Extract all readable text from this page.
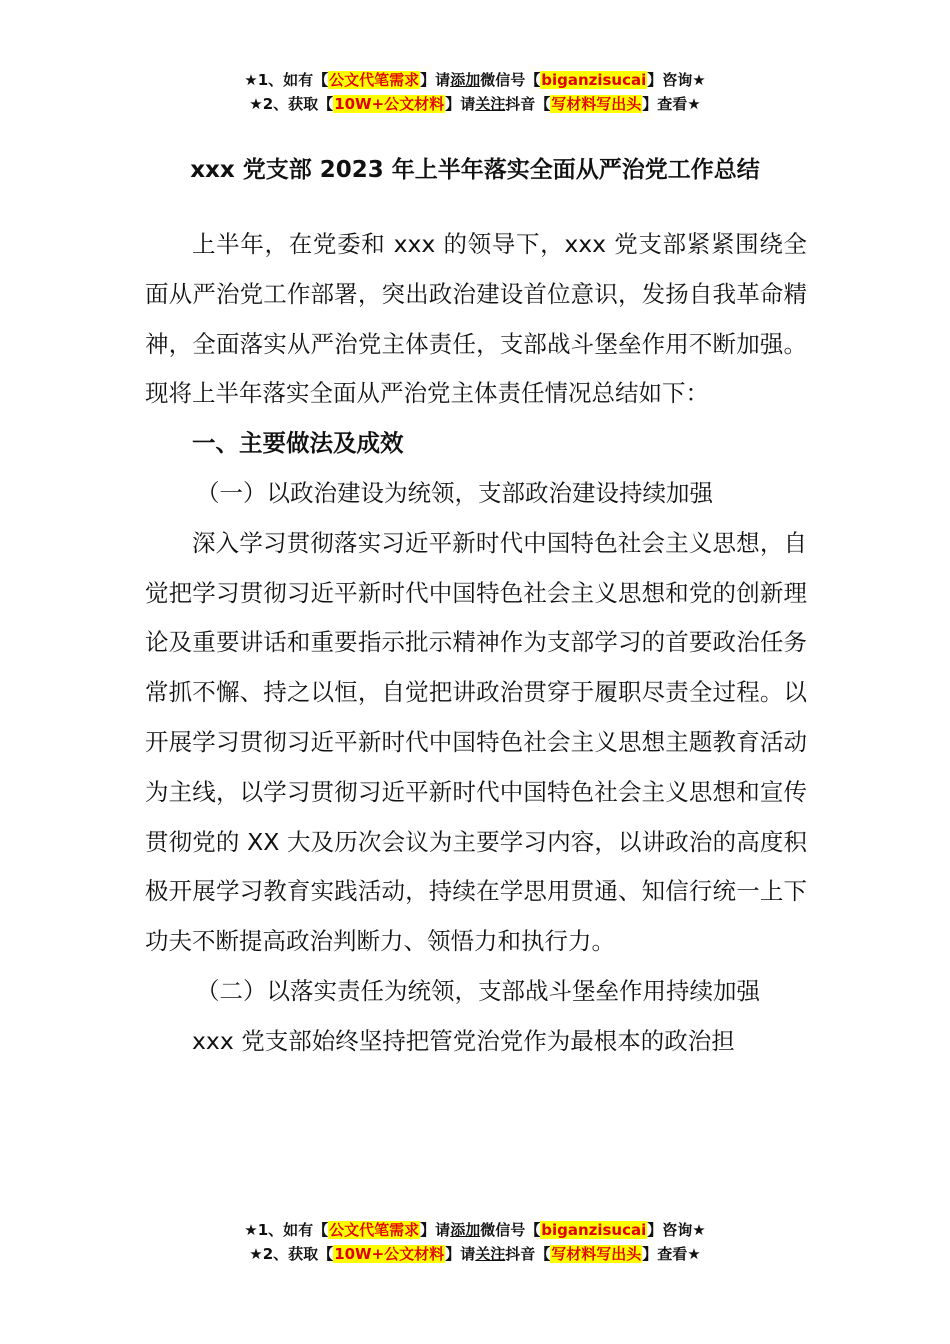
★1、如有【公文代笔需求】请添加微信号【biganzisucai】咨询★
★2、获取【10W+公文材料】请关注抖音【写材料写出头】查看★
xxx 党支部 2023 年上半年落实全面从严治党工作总结

上半年，在党委和 xxx 的领导下，xxx 党支部紧紧围绕全面从严治党工作部署，突出政治建设首位意识，发扬自我革命精神，全面落实从严治党主体责任，支部战斗堡垒作用不断加强。现将上半年落实全面从严治党主体责任情况总结如下：

一、主要做法及成效

（一）以政治建设为统领，支部政治建设持续加强

深入学习贯彻落实习近平新时代中国特色社会主义思想，自觉把学习贯彻习近平新时代中国特色社会主义思想和党的创新理论及重要讲话和重要指示批示精神作为支部学习的首要政治任务常抓不懈、持之以恒，自觉把讲政治贯穿于履职尽责全过程。以开展学习贯彻习近平新时代中国特色社会主义思想主题教育活动为主线，以学习贯彻习近平新时代中国特色社会主义思想和宣传贯彻党的 XX 大及历次会议为主要学习内容，以讲政治的高度积极开展学习教育实践活动，持续在学思用贯通、知信行统一上下功夫不断提高政治判断力、领悟力和执行力。

（二）以落实责任为统领，支部战斗堡垒作用持续加强

xxx 党支部始终坚持把管党治党作为最根本的政治担

★1、如有【公文代笔需求】请添加微信号【biganzisucai】咨询★
★2、获取【10W+公文材料】请关注抖音【写材料写出头】查看★
